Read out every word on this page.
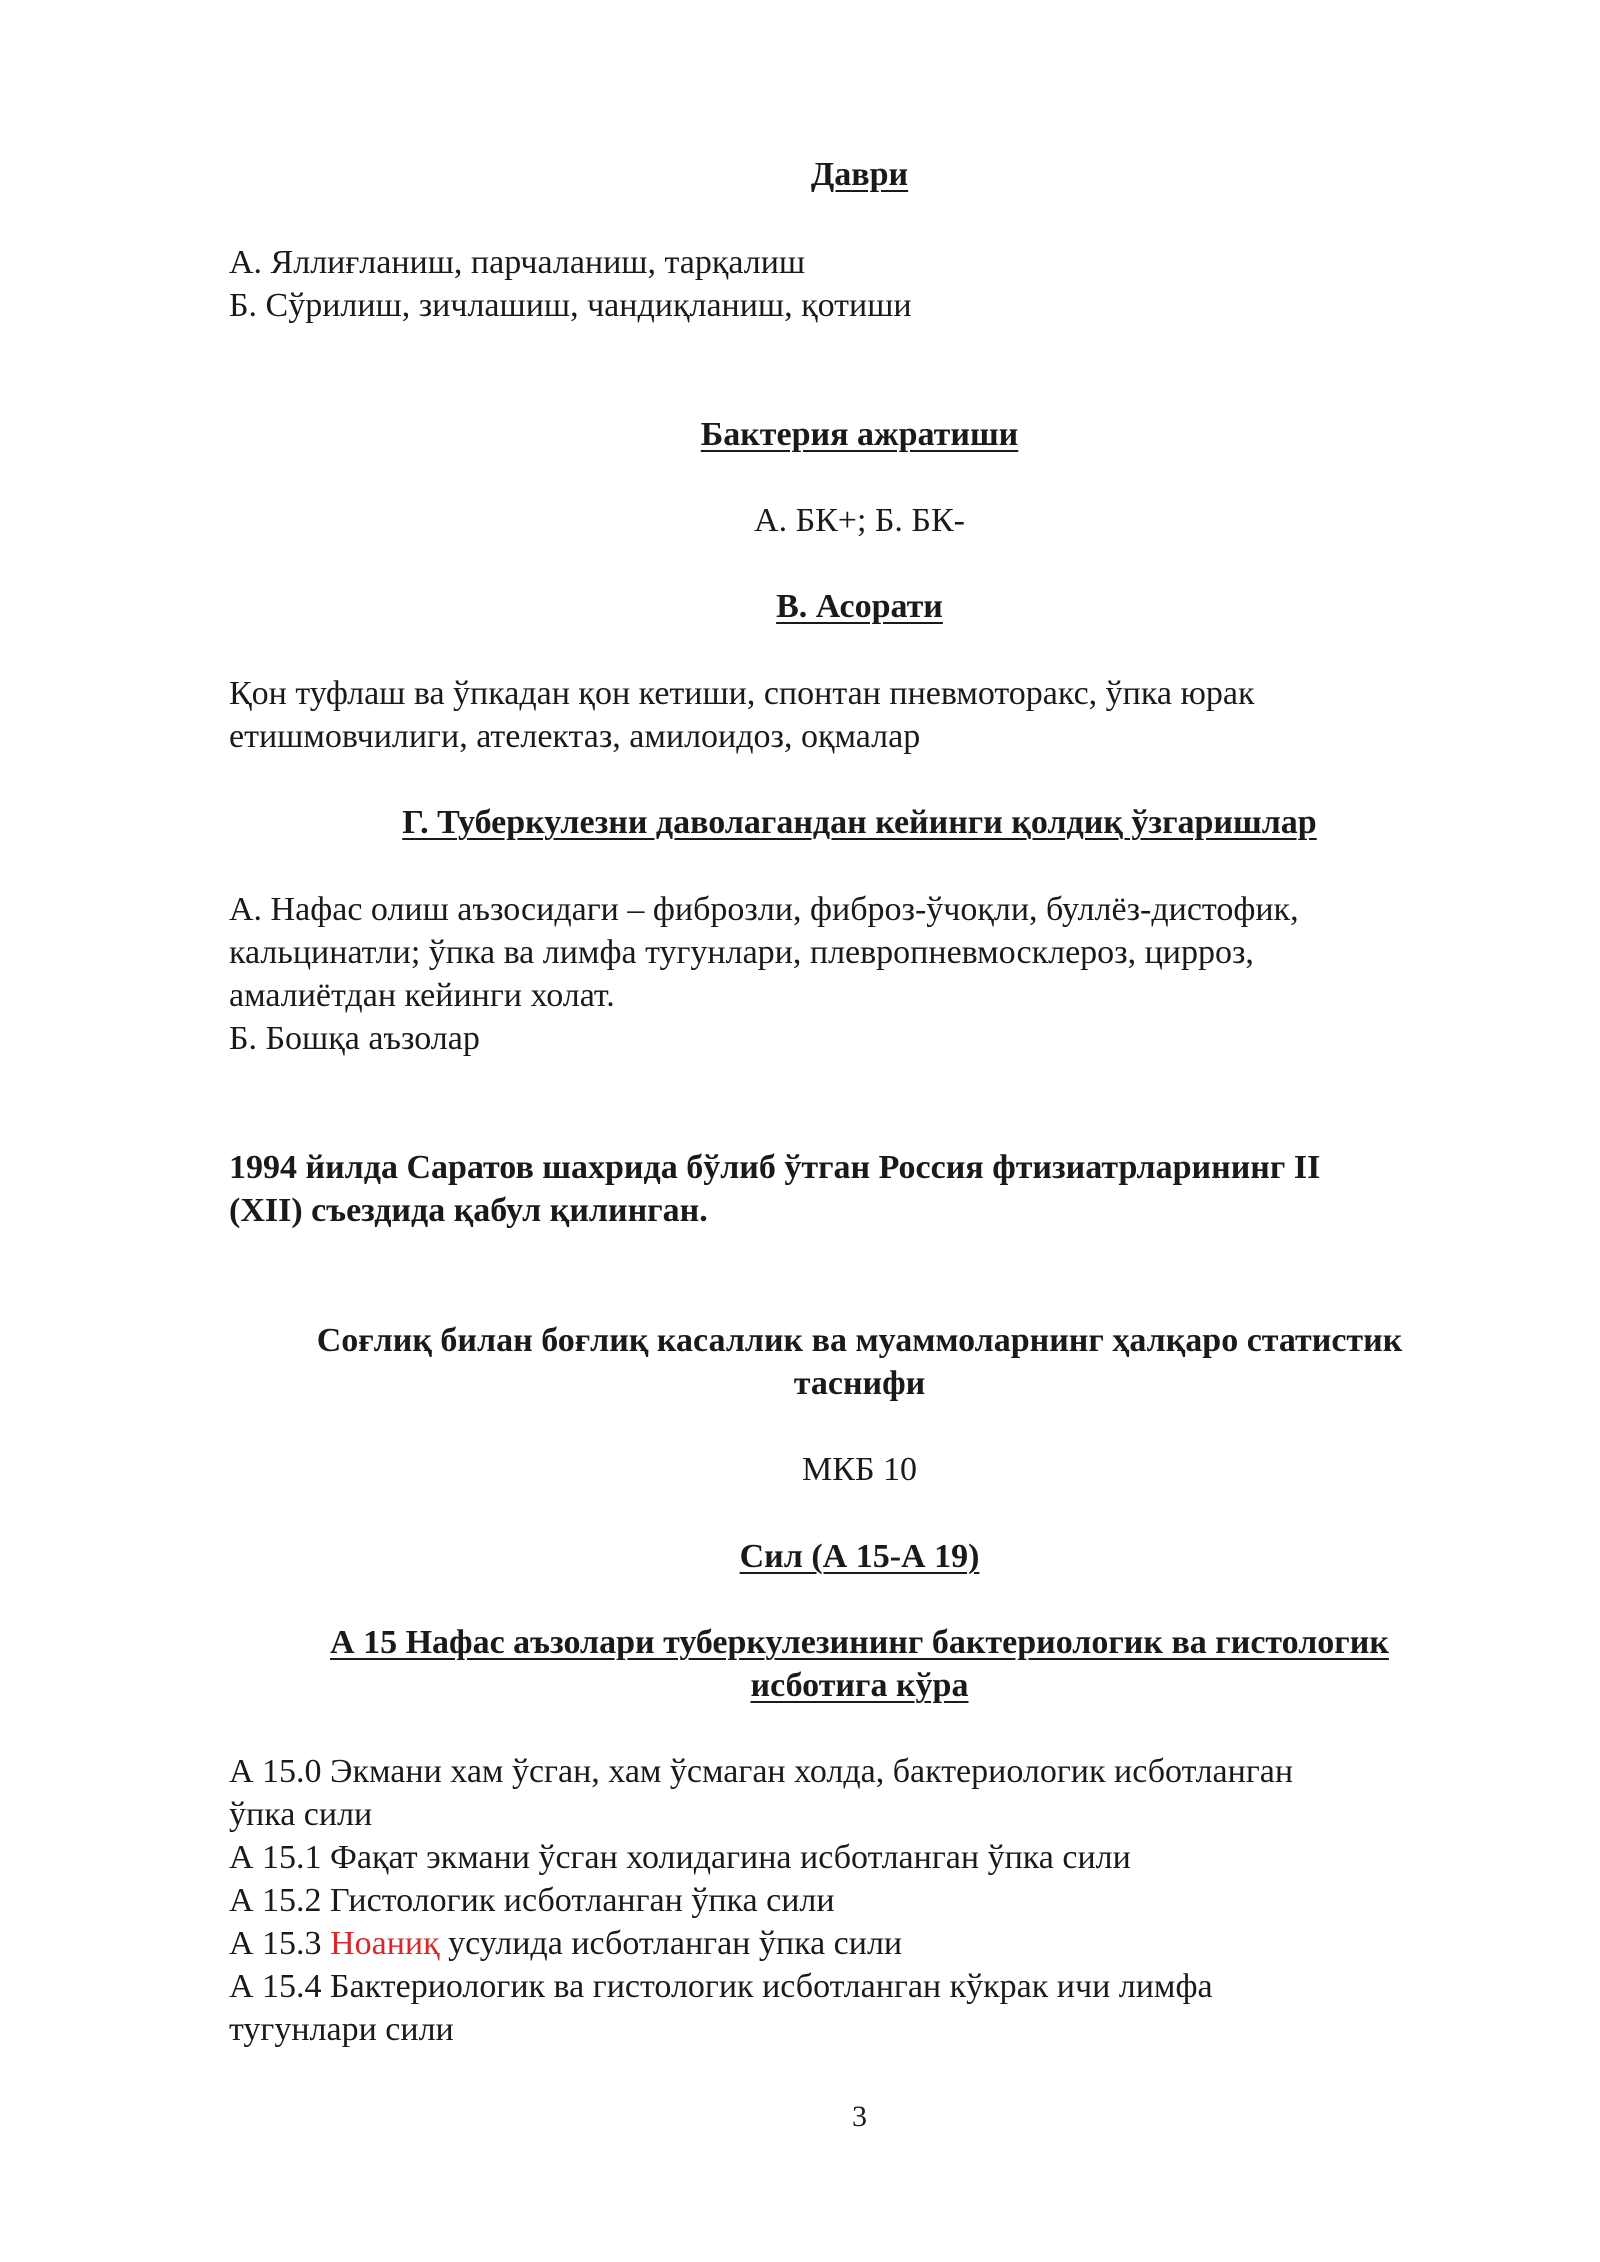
Даври
А. Яллиғланиш, парчаланиш, тарқалиш
Б. Сўрилиш, зичлашиш, чандиқланиш, қотиши
Бактерия ажратиши
А. БК+; Б. БК-
В. Асорати
Қон туфлаш ва ўпкадан қон кетиши, спонтан пневмоторакс, ўпка юрак
етишмовчилиги, ателектаз, амилоидоз, оқмалар
Г. Туберкулезни даволагандан кейинги қолдиқ ўзгаришлар
А. Нафас олиш аъзосидаги – фиброзли, фиброз-ўчоқли, буллёз-дистофик,
кальцинатли; ўпка ва лимфа тугунлари, плевропневмосклероз, цирроз,
амалиётдан кейинги холат.
Б. Бошқа аъзолар
1994 йилда Саратов шахрида бўлиб ўтган Россия фтизиатрларининг II
(XII) съездида қабул қилинган.
Соғлиқ билан боғлиқ касаллик ва муаммоларнинг ҳалқаро статистик
таснифи
МКБ 10
Сил (А 15-А 19)
А 15 Нафас аъзолари туберкулезининг бактериологик ва гистологик
исботига кўра
А 15.0 Экмани хам ўсган, хам ўсмаган холда, бактериологик исботланган
ўпка сили
А 15.1 Фақат экмани ўсган холидагина исботланган ўпка сили
А 15.2 Гистологик исботланган ўпка сили
А 15.3 Ноаниқ усулида исботланган ўпка сили
А 15.4 Бактериологик ва гистологик исботланган кўкрак ичи лимфа
тугунлари сили
3
